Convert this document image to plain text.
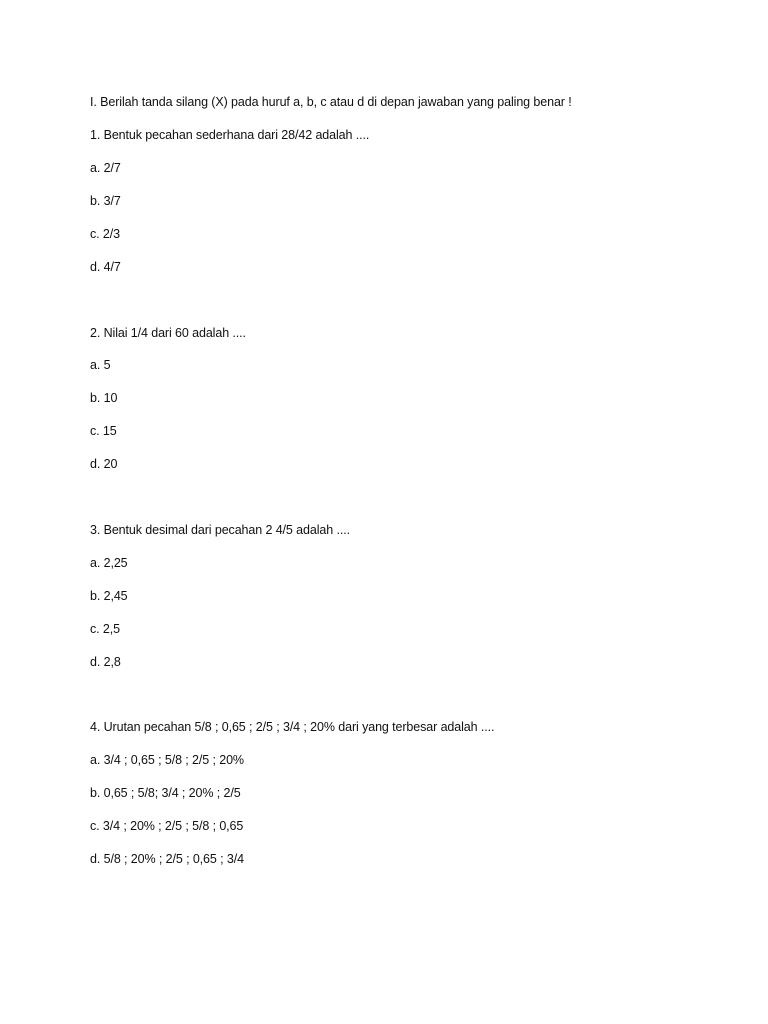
I. Berilah tanda silang (X) pada huruf a, b, c atau d di depan jawaban yang paling benar !
1. Bentuk pecahan sederhana dari 28/42 adalah ....
a. 2/7
b. 3/7
c. 2/3
d. 4/7
2. Nilai 1/4 dari 60 adalah ....
a. 5
b. 10
c. 15
d. 20
3. Bentuk desimal dari pecahan 2 4/5 adalah ....
a. 2,25
b. 2,45
c. 2,5
d. 2,8
4. Urutan pecahan 5/8 ; 0,65 ; 2/5 ; 3/4 ; 20% dari yang terbesar adalah ....
a. 3/4 ; 0,65 ; 5/8 ; 2/5 ; 20%
b. 0,65 ; 5/8; 3/4 ; 20% ; 2/5
c. 3/4 ; 20% ; 2/5 ; 5/8 ; 0,65
d. 5/8 ; 20% ; 2/5 ; 0,65 ; 3/4
